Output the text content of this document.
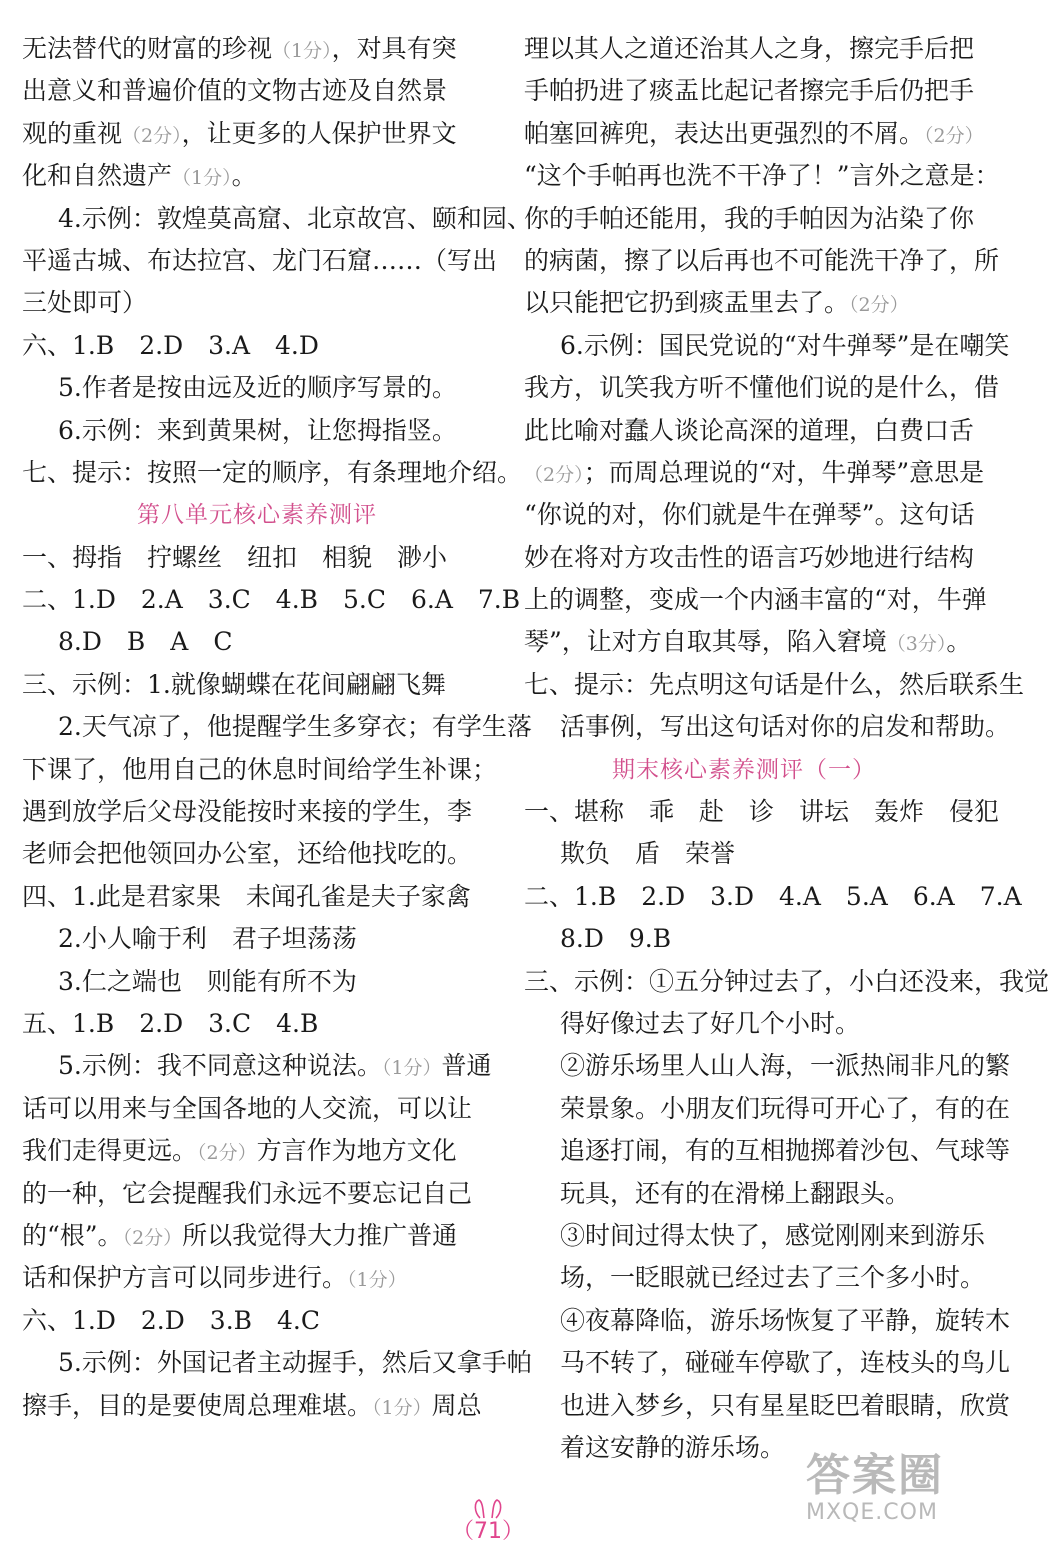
无法替代的财富的珍视（1分），对具有突
出意义和普遍价值的文物古迹及自然景
观的重视（2分），让更多的人保护世界文
化和自然遗产（1分）。
4.示例：敦煌莫高窟、北京故宫、颐和园、
平遥古城、布达拉宫、龙门石窟……（写出
三处即可）
六、1.B　2.D　3.A　4.D
5.作者是按由远及近的顺序写景的。
6.示例：来到黄果树，让您拇指竖。
七、提示：按照一定的顺序，有条理地介绍。
第八单元核心素养测评
一、拇指　拧螺丝　纽扣　相貌　渺小
二、1.D　2.A　3.C　4.B　5.C　6.A　7.B
8.D　B　A　C
三、示例：1.就像蝴蝶在花间翩翩飞舞
2.天气凉了，他提醒学生多穿衣；有学生落
下课了，他用自己的休息时间给学生补课；
遇到放学后父母没能按时来接的学生，李
老师会把他领回办公室，还给他找吃的。
四、1.此是君家果　未闻孔雀是夫子家禽
2.小人喻于利　君子坦荡荡
3.仁之端也　则能有所不为
五、1.B　2.D　3.C　4.B
5.示例：我不同意这种说法。（1分）普通
话可以用来与全国各地的人交流，可以让
我们走得更远。（2分）方言作为地方文化
的一种，它会提醒我们永远不要忘记自己
的“根”。（2分）所以我觉得大力推广普通
话和保护方言可以同步进行。（1分）
六、1.D　2.D　3.B　4.C
5.示例：外国记者主动握手，然后又拿手帕
擦手，目的是要使周总理难堪。（1分）周总
理以其人之道还治其人之身，擦完手后把
手帕扔进了痰盂比起记者擦完手后仍把手
帕塞回裤兜，表达出更强烈的不屑。（2分）
“这个手帕再也洗不干净了！”言外之意是：
你的手帕还能用，我的手帕因为沾染了你
的病菌，擦了以后再也不可能洗干净了，所
以只能把它扔到痰盂里去了。（2分）
6.示例：国民党说的“对牛弹琴”是在嘲笑
我方，讥笑我方听不懂他们说的是什么，借
此比喻对蠢人谈论高深的道理，白费口舌
（2分）；而周总理说的“对，牛弹琴”意思是
“你说的对，你们就是牛在弹琴”。这句话
妙在将对方攻击性的语言巧妙地进行结构
上的调整，变成一个内涵丰富的“对，牛弹
琴”，让对方自取其辱，陷入窘境（3分）。
七、提示：先点明这句话是什么，然后联系生
活事例，写出这句话对你的启发和帮助。
期末核心素养测评（一）
一、堪称　乖　赴　诊　讲坛　轰炸　侵犯
欺负　盾　荣誉
二、1.B　2.D　3.D　4.A　5.A　6.A　7.A
8.D　9.B
三、示例：①五分钟过去了，小白还没来，我觉
得好像过去了好几个小时。
②游乐场里人山人海，一派热闹非凡的繁
荣景象。小朋友们玩得可开心了，有的在
追逐打闹，有的互相抛掷着沙包、气球等
玩具，还有的在滑梯上翻跟头。
③时间过得太快了，感觉刚刚来到游乐
场，一眨眼就已经过去了三个多小时。
④夜幕降临，游乐场恢复了平静，旋转木
马不转了，碰碰车停歇了，连枝头的鸟儿
也进入梦乡，只有星星眨巴着眼睛，欣赏
着这安静的游乐场。
（71）
答案圈
MXQE.COM
